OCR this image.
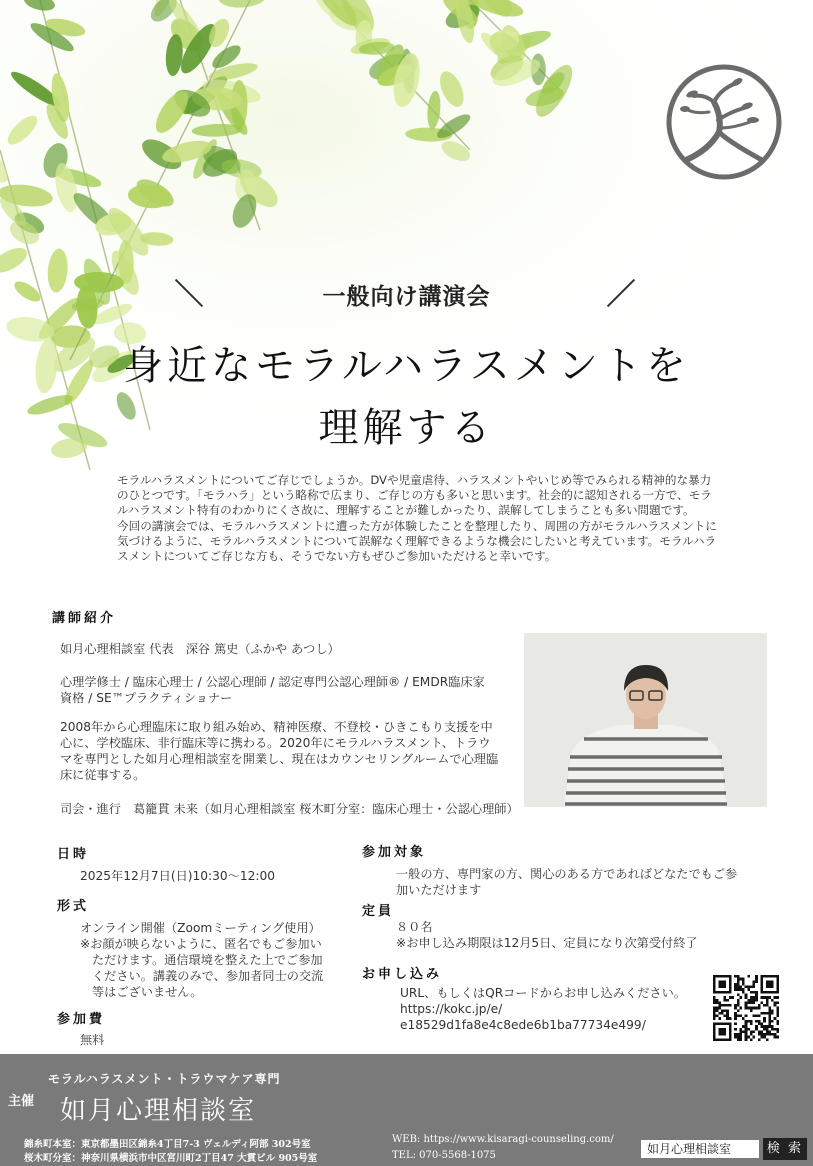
一般向け講演会
身近なモラルハラスメントを
理解する

モラルハラスメントについてご存じでしょうか。DVや児童虐待、ハラスメントやいじめ等でみられる精神的な暴力のひとつです。「モラハラ」という略称で広まり、ご存じの方も多いと思います。社会的に認知される一方で、モラルハラスメント特有のわかりにくさ故に、理解することが難しかったり、誤解してしまうことも多い問題です。

今回の講演会では、モラルハラスメントに遭った方が体験したことを整理したり、周囲の方がモラルハラスメントに気づけるように、モラルハラスメントについて誤解なく理解できるような機会にしたいと考えています。モラルハラスメントについてご存じな方も、そうでない方もぜひご参加いただけると幸いです。

講師紹介
如月心理相談室 代表　深谷 篤史（ふかや あつし）
心理学修士 / 臨床心理士 / 公認心理師 / 認定専門公認心理師® / EMDR臨床家
資格 / SE™プラクティショナー
2008年から心理臨床に取り組み始め、精神医療、不登校・ひきこもり支援を中
心に、学校臨床、非行臨床等に携わる。2020年にモラルハラスメント、トラウ
マを専門とした如月心理相談室を開業し、現在はカウンセリングルームで心理臨
床に従事する。
司会・進行　葛籠貫 未来（如月心理相談室 桜木町分室：臨床心理士・公認心理師）
日時
2025年12月7日(日)10:30～12:00
形式
オンライン開催（Zoomミーティング使用）
※お顔が映らないように、匿名でもご参加い
ただけます。通信環境を整えた上でご参加
ください。講義のみで、参加者同士の交流
等はございません。
参加費
無料
参加対象
一般の方、専門家の方、関心のある方であればどなたでもご参
加いただけます
定員
８０名
※お申し込み期限は12月5日、定員になり次第受付終了
お申し込み
URL、もしくはQRコードからお申し込みください。
https://kokc.jp/e/
e18529d1fa8e4c8ede6b1ba77734e499/
モラルハラスメント・トラウマケア専門
主催 如月心理相談室
錦糸町本室：東京都墨田区錦糸4丁目7-3 ヴェルディ阿部 302号室
桜木町分室：神奈川県横浜市中区宮川町2丁目47 大貫ビル 905号室
WEB: https://www.kisaragi-counseling.com/
TEL: 070-5568-1075	如月心理相談室	検 索
